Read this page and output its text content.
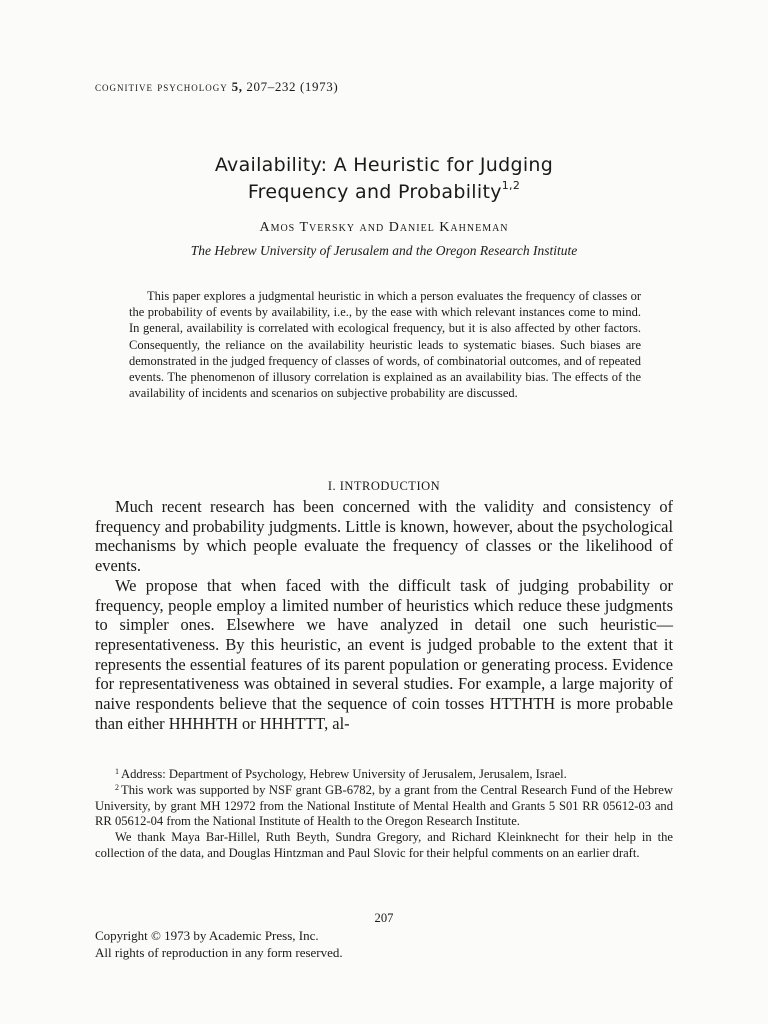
cognitive psychology 5, 207–232 (1973)
Availability: A Heuristic for Judging
Frequency and Probability$^{1,2}$
Amos Tversky and Daniel Kahneman
The Hebrew University of Jerusalem and the Oregon Research Institute

This paper explores a judgmental heuristic in which a person evaluates the frequency of classes or the probability of events by availability, i.e., by the ease with which relevant instances come to mind. In general, availability is correlated with ecological frequency, but it is also affected by other factors. Consequently, the reliance on the availability heuristic leads to systematic biases. Such biases are demonstrated in the judged frequency of classes of words, of combinatorial outcomes, and of repeated events. The phenomenon of illusory correlation is explained as an availability bias. The effects of the availability of incidents and scenarios on subjective probability are discussed.

I. INTRODUCTION

Much recent research has been concerned with the validity and consistency of frequency and probability judgments. Little is known, however, about the psychological mechanisms by which people evaluate the frequency of classes or the likelihood of events.

We propose that when faced with the difficult task of judging probability or frequency, people employ a limited number of heuristics which reduce these judgments to simpler ones. Elsewhere we have analyzed in detail one such heuristic—representativeness. By this heuristic, an event is judged probable to the extent that it represents the essential features of its parent population or generating process. Evidence for representativeness was obtained in several studies. For example, a large majority of naive respondents believe that the sequence of coin tosses HTTHTH is more probable than either HHHHTH or HHHTTT, al-

$^1$ Address: Department of Psychology, Hebrew University of Jerusalem, Jerusalem, Israel.

$^2$ This work was supported by NSF grant GB-6782, by a grant from the Central Research Fund of the Hebrew University, by grant MH 12972 from the National Institute of Mental Health and Grants 5 S01 RR 05612-03 and RR 05612-04 from the National Institute of Health to the Oregon Research Institute.

We thank Maya Bar-Hillel, Ruth Beyth, Sundra Gregory, and Richard Kleinknecht for their help in the collection of the data, and Douglas Hintzman and Paul Slovic for their helpful comments on an earlier draft.

207
Copyright © 1973 by Academic Press, Inc.
All rights of reproduction in any form reserved.
